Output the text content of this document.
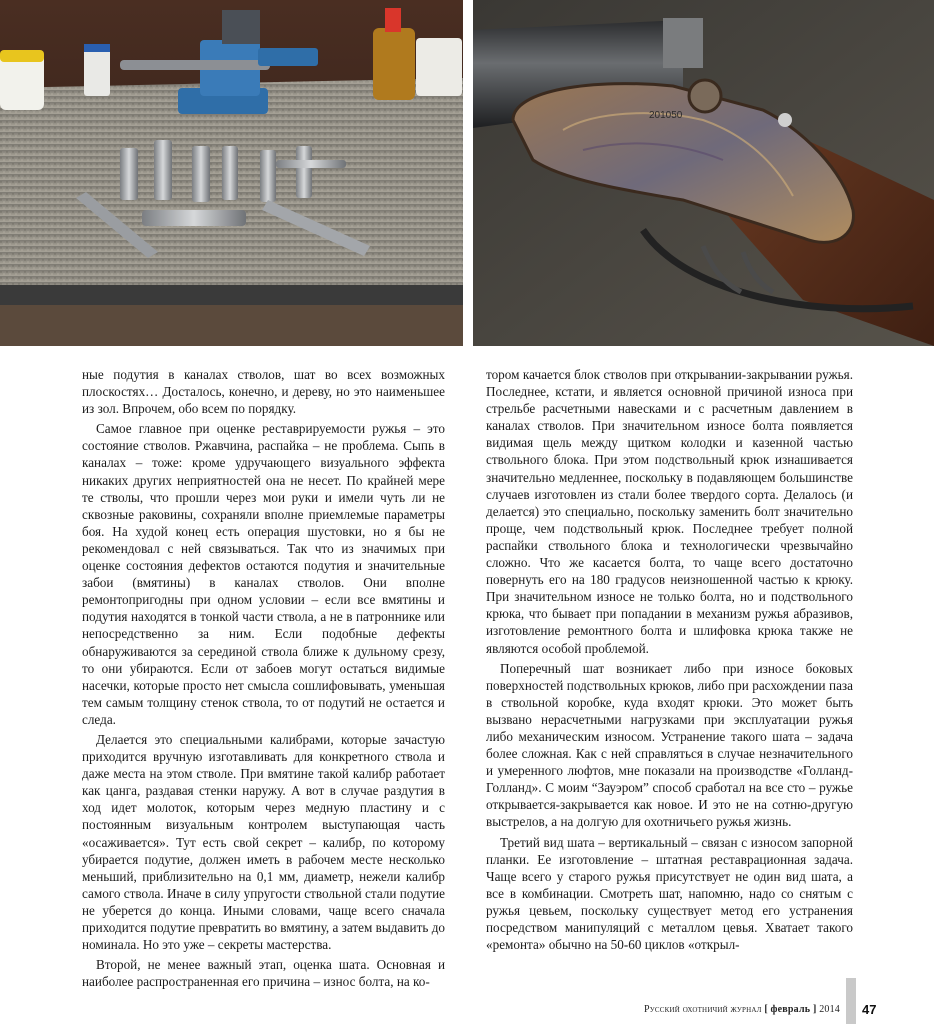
201050

ные подутия в каналах стволов, шат во всех возможных плоскостях… Досталось, конечно, и дереву, но это наименьшее из зол. Впрочем, обо всем по порядку.

Самое главное при оценке реставрируемости ружья – это состояние стволов. Ржавчина, распайка – не проблема. Сыпь в каналах – тоже: кроме удручающего визуального эффекта никаких других неприятностей она не несет. По крайней мере те стволы, что прошли через мои руки и имели чуть ли не сквозные раковины, сохраняли вполне приемлемые параметры боя. На худой конец есть операция шустовки, но я бы не рекомендовал с ней связываться. Так что из значимых при оценке состояния дефектов остаются подутия и значительные забои (вмятины) в каналах стволов. Они вполне ремонтопригодны при одном условии – если все вмятины и подутия находятся в тонкой части ствола, а не в патроннике или непосредственно за ним. Если подобные дефекты обнаруживаются за серединой ствола ближе к дульному срезу, то они убираются. Если от забоев могут остаться видимые насечки, которые просто нет смысла сошлифовывать, уменьшая тем самым толщину стенок ствола, то от подутий не остается и следа.

Делается это специальными калибрами, которые зачастую приходится вручную изготавливать для конкретного ствола и даже места на этом стволе. При вмятине такой калибр работает как цанга, раздавая стенки наружу. А вот в случае раздутия в ход идет молоток, которым через медную пластину и с постоянным визуальным контролем выступающая часть «осаживается». Тут есть свой секрет – калибр, по которому убирается подутие, должен иметь в рабочем месте несколько меньший, приблизительно на 0,1 мм, диаметр, нежели калибр самого ствола. Иначе в силу упругости ствольной стали подутие не уберется до конца. Иными словами, чаще всего сначала приходится подутие превратить во вмятину, а затем выдавить до номинала. Но это уже – секреты мастерства.

Второй, не менее важный этап, оценка шата. Основная и наиболее распространенная его причина – износ болта, на ко-

тором качается блок стволов при открывании-закрывании ружья. Последнее, кстати, и является основной причиной износа при стрельбе расчетными навесками и с расчетным давлением в каналах стволов. При значительном износе болта появляется видимая щель между щитком колодки и казенной частью ствольного блока. При этом подствольный крюк изнашивается значительно медленнее, поскольку в подавляющем большинстве случаев изготовлен из стали более твердого сорта. Делалось (и делается) это специально, поскольку заменить болт значительно проще, чем подствольный крюк. Последнее требует полной распайки ствольного блока и технологически чрезвычайно сложно. Что же касается болта, то чаще всего достаточно повернуть его на 180 градусов неизношенной частью к крюку. При значительном износе не только болта, но и подствольного крюка, что бывает при попадании в механизм ружья абразивов, изготовление ремонтного болта и шлифовка крюка также не являются особой проблемой.

Поперечный шат возникает либо при износе боковых поверхностей подствольных крюков, либо при расхождении паза в ствольной коробке, куда входят крюки. Это может быть вызвано нерасчетными нагрузками при эксплуатации ружья либо механическим износом. Устранение такого шата – задача более сложная. Как с ней справляться в случае незначительного и умеренного люфтов, мне показали на производстве «Голланд-Голланд». С моим “Зауэром” способ сработал на все сто – ружье открывается-закрывается как новое. И это не на сотню-другую выстрелов, а на долгую для охотничьего ружья жизнь.

Третий вид шата – вертикальный – связан с износом запорной планки. Ее изготовление – штатная реставрационная задача. Чаще всего у старого ружья присутствует не один вид шата, а все в комбинации. Смотреть шат, напомню, надо со снятым с ружья цевьем, поскольку существует метод его устранения посредством манипуляций с металлом цевья. Хватает такого «ремонта» обычно на 50-60 циклов «открыл-

Русский охотничий журнал [ февраль ] 2014 47
